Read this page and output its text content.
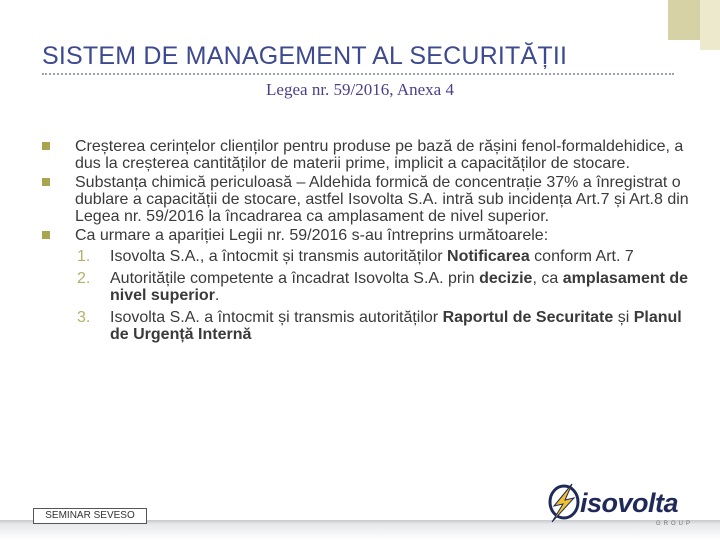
SISTEM DE MANAGEMENT AL SECURITĂȚII
Legea nr. 59/2016, Anexa 4
Creșterea cerințelor clienților pentru produse pe bază de rășini fenol-formaldehidice, a dus la creșterea cantităților de materii prime, implicit a capacităților de stocare.
Substanța chimică periculoasă – Aldehida formică de concentrație 37% a înregistrat o dublare a capacității de stocare, astfel Isovolta S.A. intră sub incidența Art.7 și Art.8 din Legea nr. 59/2016 la încadrarea ca amplasament de nivel superior.
Ca urmare a apariției Legii nr. 59/2016 s-au întreprins următoarele:
1. Isovolta S.A., a întocmit și transmis autorităților Notificarea conform Art. 7
2. Autoritățile competente a încadrat Isovolta S.A. prin decizie, ca amplasament de nivel superior.
3. Isovolta S.A. a întocmit și transmis autorităților Raportul de Securitate și Planul de Urgență Internă
SEMINAR SEVESO	isovolta
GROUP
